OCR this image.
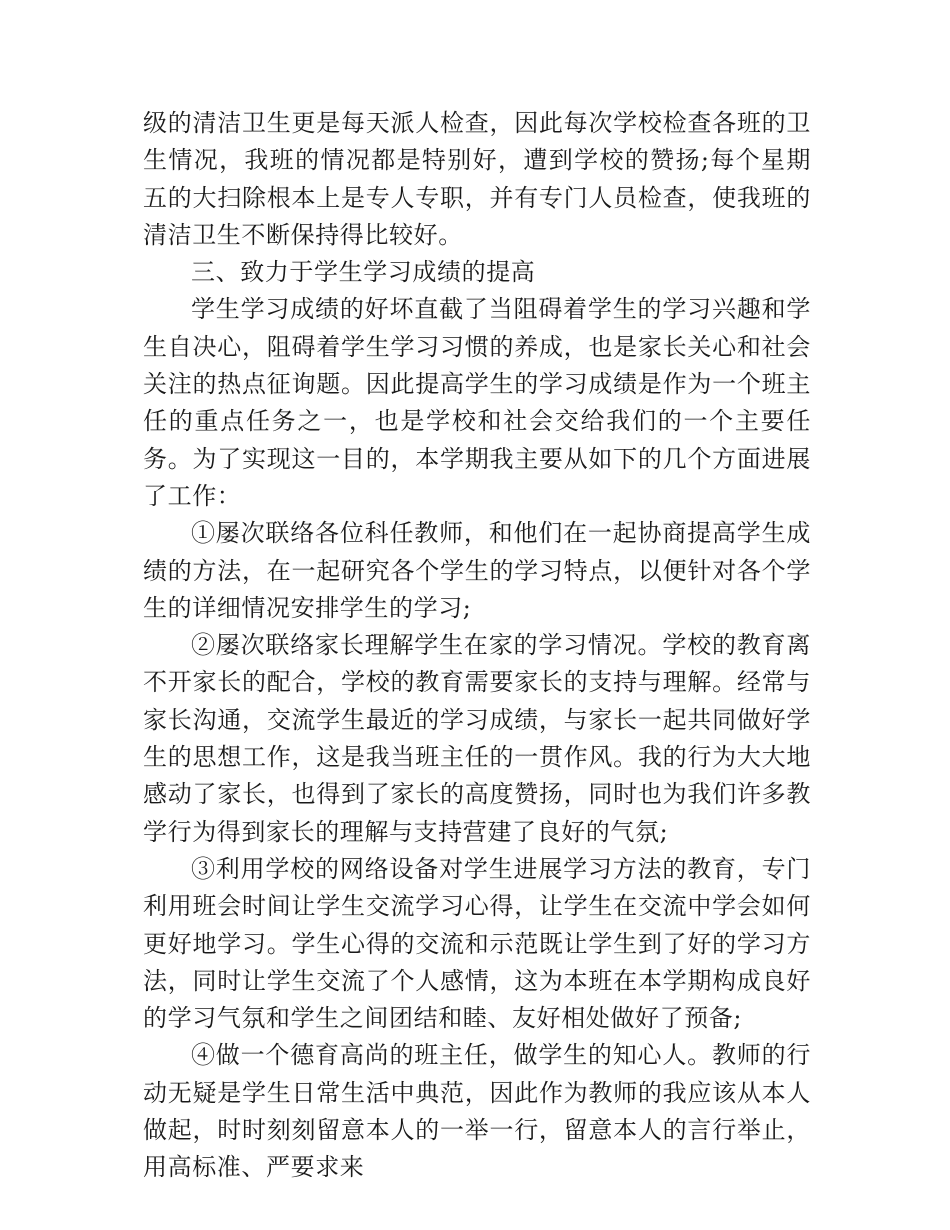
级的清洁卫生更是每天派人检查，因此每次学校检查各班的卫生情况，我班的情况都是特别好，遭到学校的赞扬;每个星期五的大扫除根本上是专人专职，并有专门人员检查，使我班的清洁卫生不断保持得比较好。

三、致力于学生学习成绩的提高

学生学习成绩的好坏直截了当阻碍着学生的学习兴趣和学生自决心，阻碍着学生学习习惯的养成，也是家长关心和社会关注的热点征询题。因此提高学生的学习成绩是作为一个班主任的重点任务之一，也是学校和社会交给我们的一个主要任务。为了实现这一目的，本学期我主要从如下的几个方面进展了工作：

①屡次联络各位科任教师，和他们在一起协商提高学生成绩的方法，在一起研究各个学生的学习特点，以便针对各个学生的详细情况安排学生的学习;

②屡次联络家长理解学生在家的学习情况。学校的教育离不开家长的配合，学校的教育需要家长的支持与理解。经常与家长沟通，交流学生最近的学习成绩，与家长一起共同做好学生的思想工作，这是我当班主任的一贯作风。我的行为大大地感动了家长，也得到了家长的高度赞扬，同时也为我们许多教学行为得到家长的理解与支持营建了良好的气氛;

③利用学校的网络设备对学生进展学习方法的教育，专门利用班会时间让学生交流学习心得，让学生在交流中学会如何更好地学习。学生心得的交流和示范既让学生到了好的学习方法，同时让学生交流了个人感情，这为本班在本学期构成良好的学习气氛和学生之间团结和睦、友好相处做好了预备;

④做一个德育高尚的班主任，做学生的知心人。教师的行动无疑是学生日常生活中典范，因此作为教师的我应该从本人做起，时时刻刻留意本人的一举一行，留意本人的言行举止，用高标准、严要求来
